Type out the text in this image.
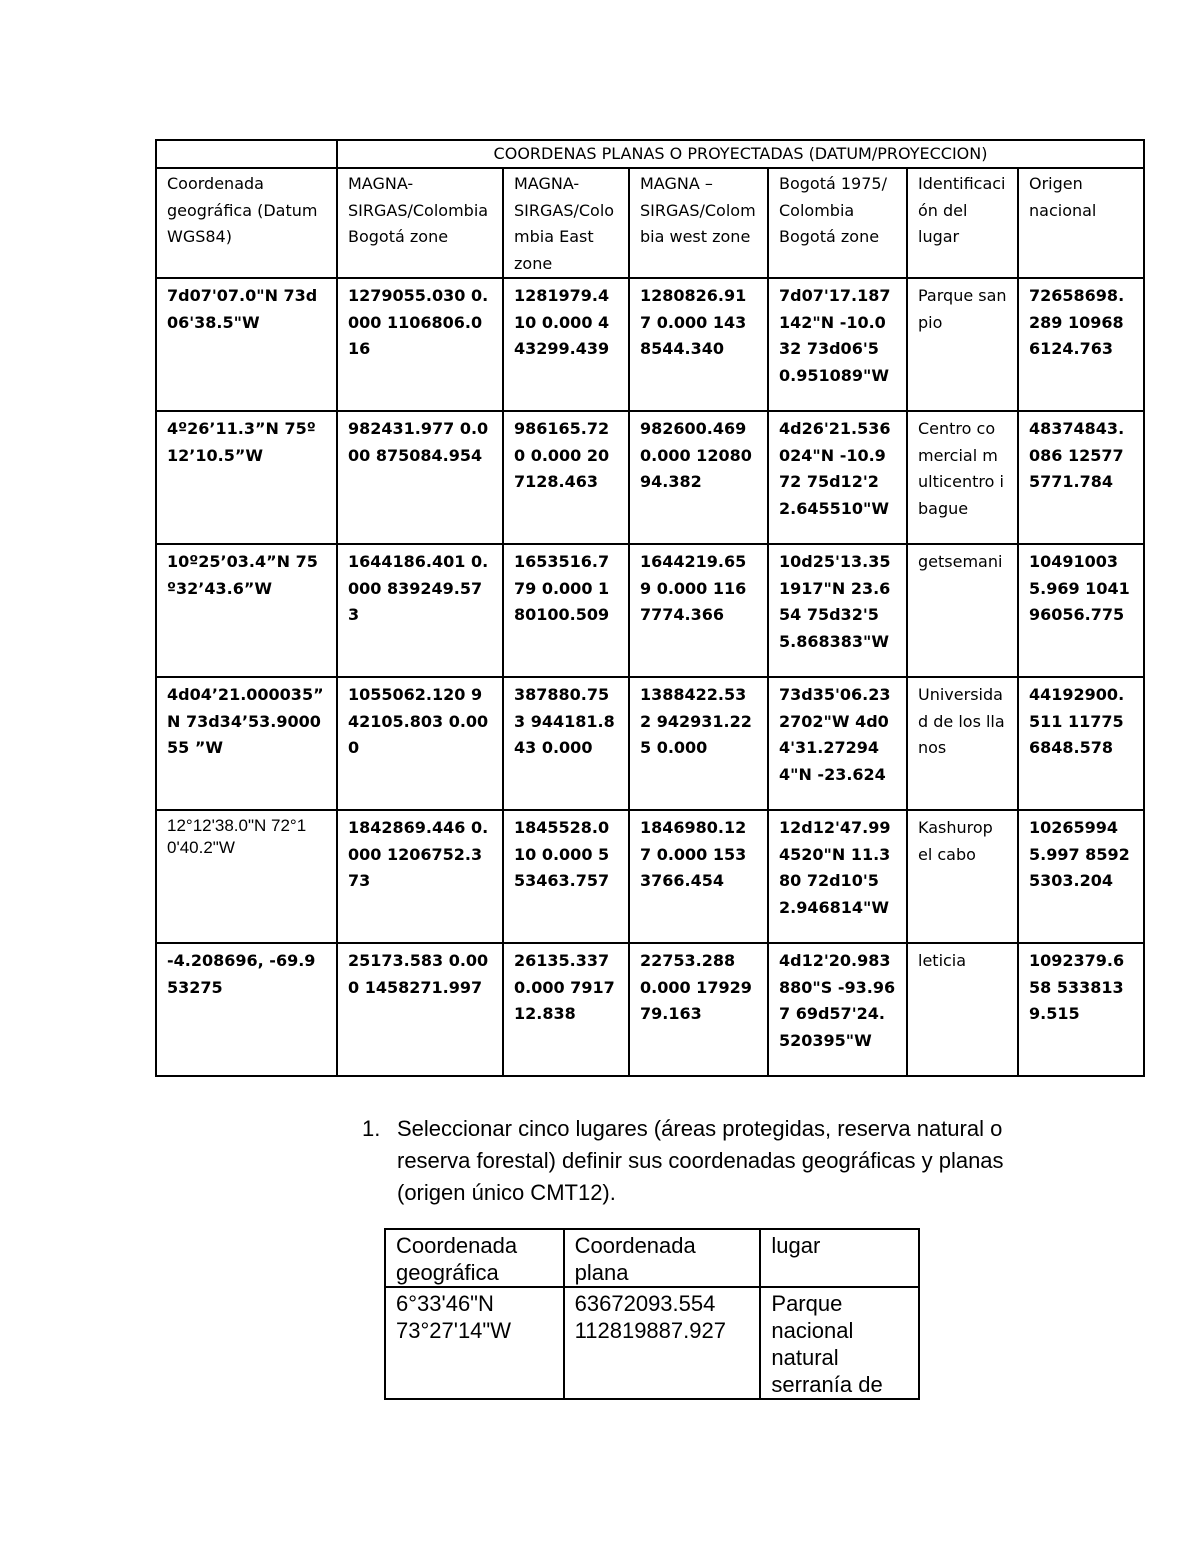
	COORDENAS PLANAS O PROYECTADAS (DATUM/PROYECCION)					
Coordenada geográfica (Datum WGS84)	MAGNA-SIRGAS/Colombia Bogotá zone	MAGNA-SIRGAS/Colombia East zone	MAGNA – SIRGAS/Colombia west zone	Bogotá 1975/ Colombia Bogotá zone	Identificación del lugar	Origen nacional
7d07'07.0"N 73d06'38.5"W	1279055.030 0.000 1106806.016	1281979.410 0.000 443299.439	1280826.917 0.000 1438544.340	7d07'17.187142"N -10.032 73d06'50.951089"W	Parque san pio	72658698.289 109686124.763
4º26’11.3”N 75º12’10.5”W	982431.977 0.000 875084.954	986165.720 0.000 207128.463	982600.469 0.000 1208094.382	4d26'21.536024"N -10.972 75d12'22.645510"W	Centro comercial multicentro ibague	48374843.086 125775771.784
10º25’03.4”N 75º32’43.6”W	1644186.401 0.000 839249.573	1653516.779 0.000 180100.509	1644219.659 0.000 1167774.366	10d25'13.351917"N 23.654 75d32'55.868383"W	getsemani	104910035.969 104196056.775
4d04’21.000035” N 73d34’53.900055 ”W	1055062.120 942105.803 0.000	387880.753 944181.843 0.000	1388422.532 942931.225 0.000	73d35'06.232702"W 4d04'31.272944"N -23.624	Universidad de los llanos	44192900.511 117756848.578
12°12'38.0"N 72°10'40.2"W	1842869.446 0.000 1206752.373	1845528.010 0.000 553463.757	1846980.127 0.000 1533766.454	12d12'47.994520"N 11.380 72d10'52.946814"W	Kashurop el cabo	102659945.997 85925303.204
-4.208696, -69.953275	25173.583 0.000 1458271.997	26135.337 0.000 791712.838	22753.288 0.000 1792979.163	4d12'20.983880"S -93.967 69d57'24.520395"W	leticia	1092379.658 5338139.515
1. Seleccionar cinco lugares (áreas protegidas, reserva natural o reserva forestal) definir sus coordenadas geográficas y planas (origen único CMT12).
Coordenada geográfica	Coordenada plana	lugar

6°33'46"N 73°27'14"W	63672093.554 112819887.927	Parque nacional natural serranía de
